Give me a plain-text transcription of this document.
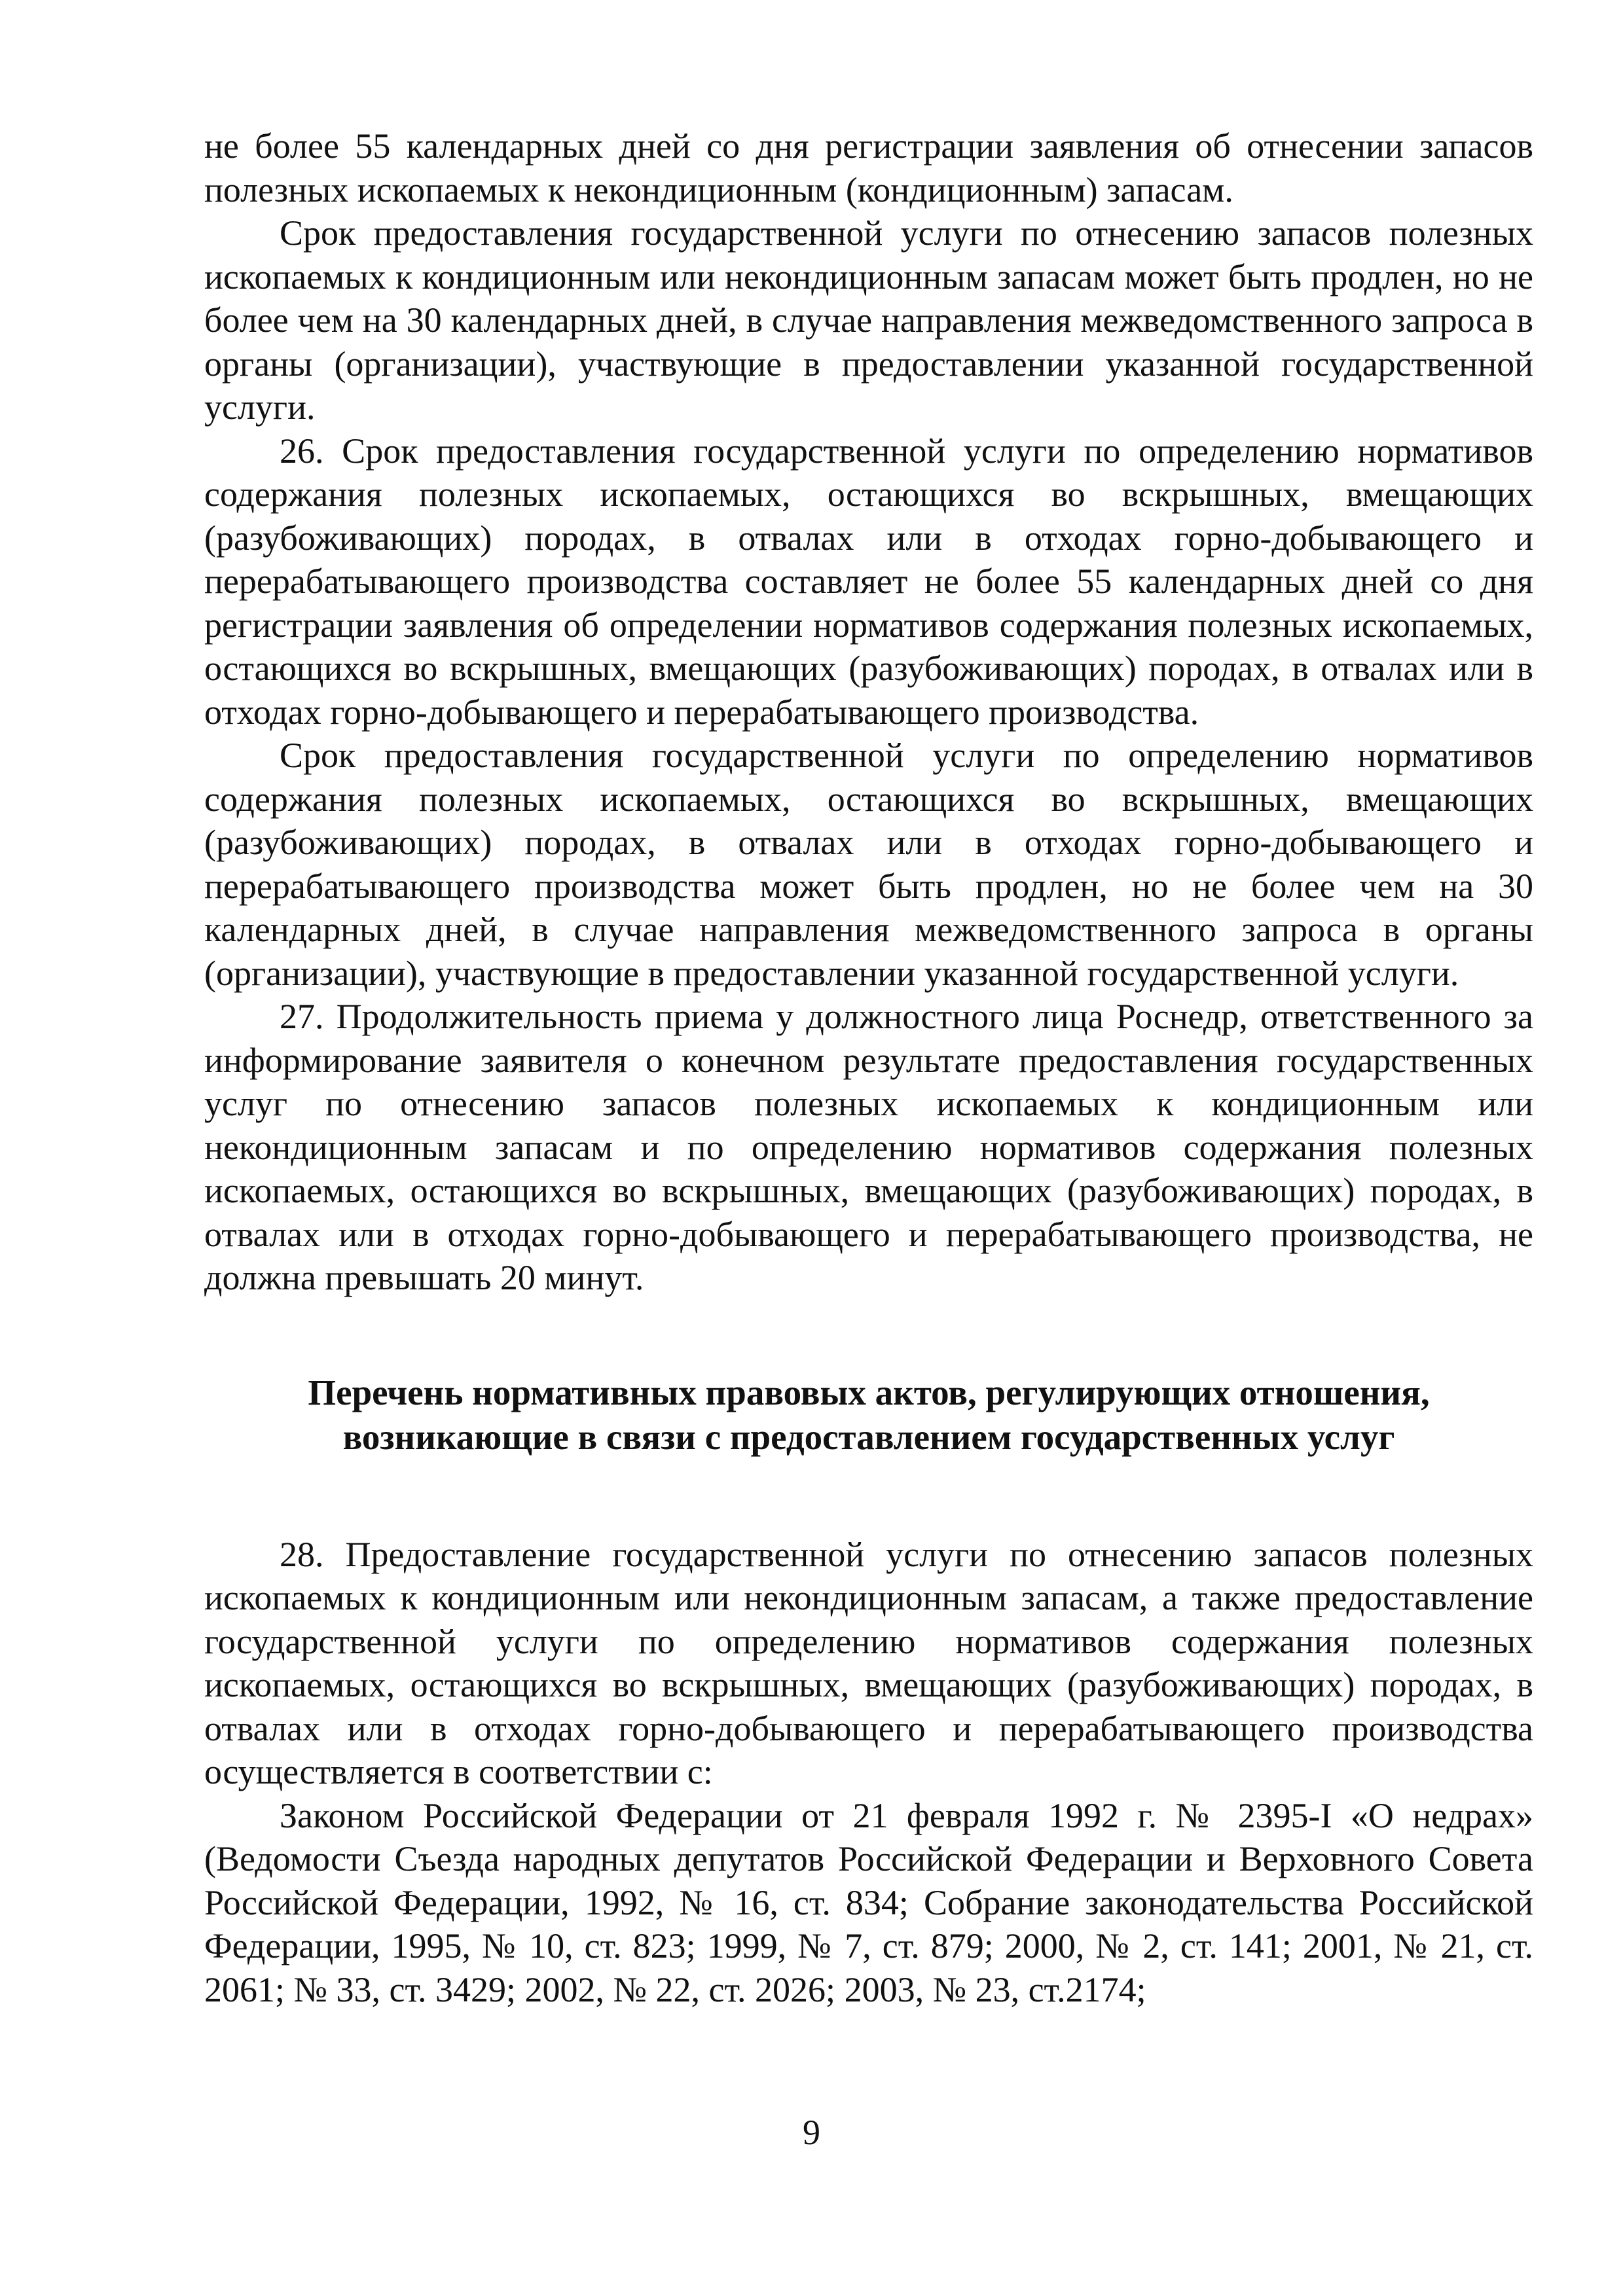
не более 55 календарных дней со дня регистрации заявления об отнесении запасов полезных ископаемых к некондиционным (кондиционным) запасам.

Срок предоставления государственной услуги по отнесению запасов полезных ископаемых к кондиционным или некондиционным запасам может быть продлен, но не более чем на 30 календарных дней, в случае направления межведомственного запроса в органы (организации), участвующие в предоставлении указанной государственной услуги.

26. Срок предоставления государственной услуги по определению нормативов содержания полезных ископаемых, остающихся во вскрышных, вмещающих (разубоживающих) породах, в отвалах или в отходах горно-добывающего и перерабатывающего производства составляет не более 55 календарных дней со дня регистрации заявления об определении нормативов содержания полезных ископаемых, остающихся во вскрышных, вмещающих (разубоживающих) породах, в отвалах или в отходах горно-добывающего и перерабатывающего производства.

Срок предоставления государственной услуги по определению нормативов содержания полезных ископаемых, остающихся во вскрышных, вмещающих (разубоживающих) породах, в отвалах или в отходах горно-добывающего и перерабатывающего производства может быть продлен, но не более чем на 30 календарных дней, в случае направления межведомственного запроса в органы (организации), участвующие в предоставлении указанной государственной услуги.

27. Продолжительность приема у должностного лица Роснедр, ответственного за информирование заявителя о конечном результате предоставления государственных услуг по отнесению запасов полезных ископаемых к кондиционным или некондиционным запасам и по определению нормативов содержания полезных ископаемых, остающихся во вскрышных, вмещающих (разубоживающих) породах, в отвалах или в отходах горно-добывающего и перерабатывающего производства, не должна превышать 20 минут.

Перечень нормативных правовых актов, регулирующих отношения,
возникающие в связи с предоставлением государственных услуг

28. Предоставление государственной услуги по отнесению запасов полезных ископаемых к кондиционным или некондиционным запасам, а также предоставление государственной услуги по определению нормативов содержания полезных ископаемых, остающихся во вскрышных, вмещающих (разубоживающих) породах, в отвалах или в отходах горно-добывающего и перерабатывающего производства осуществляется в соответствии с:

Законом Российской Федерации от 21 февраля 1992 г. № 2395-I «О недрах» (Ведомости Съезда народных депутатов Российской Федерации и Верховного Совета Российской Федерации, 1992, № 16, ст. 834; Собрание законодательства Российской Федерации, 1995, № 10, ст. 823; 1999, № 7, ст. 879; 2000, № 2, ст. 141; 2001, № 21, ст. 2061; № 33, ст. 3429; 2002, № 22, ст. 2026; 2003, № 23, ст.2174;

9
